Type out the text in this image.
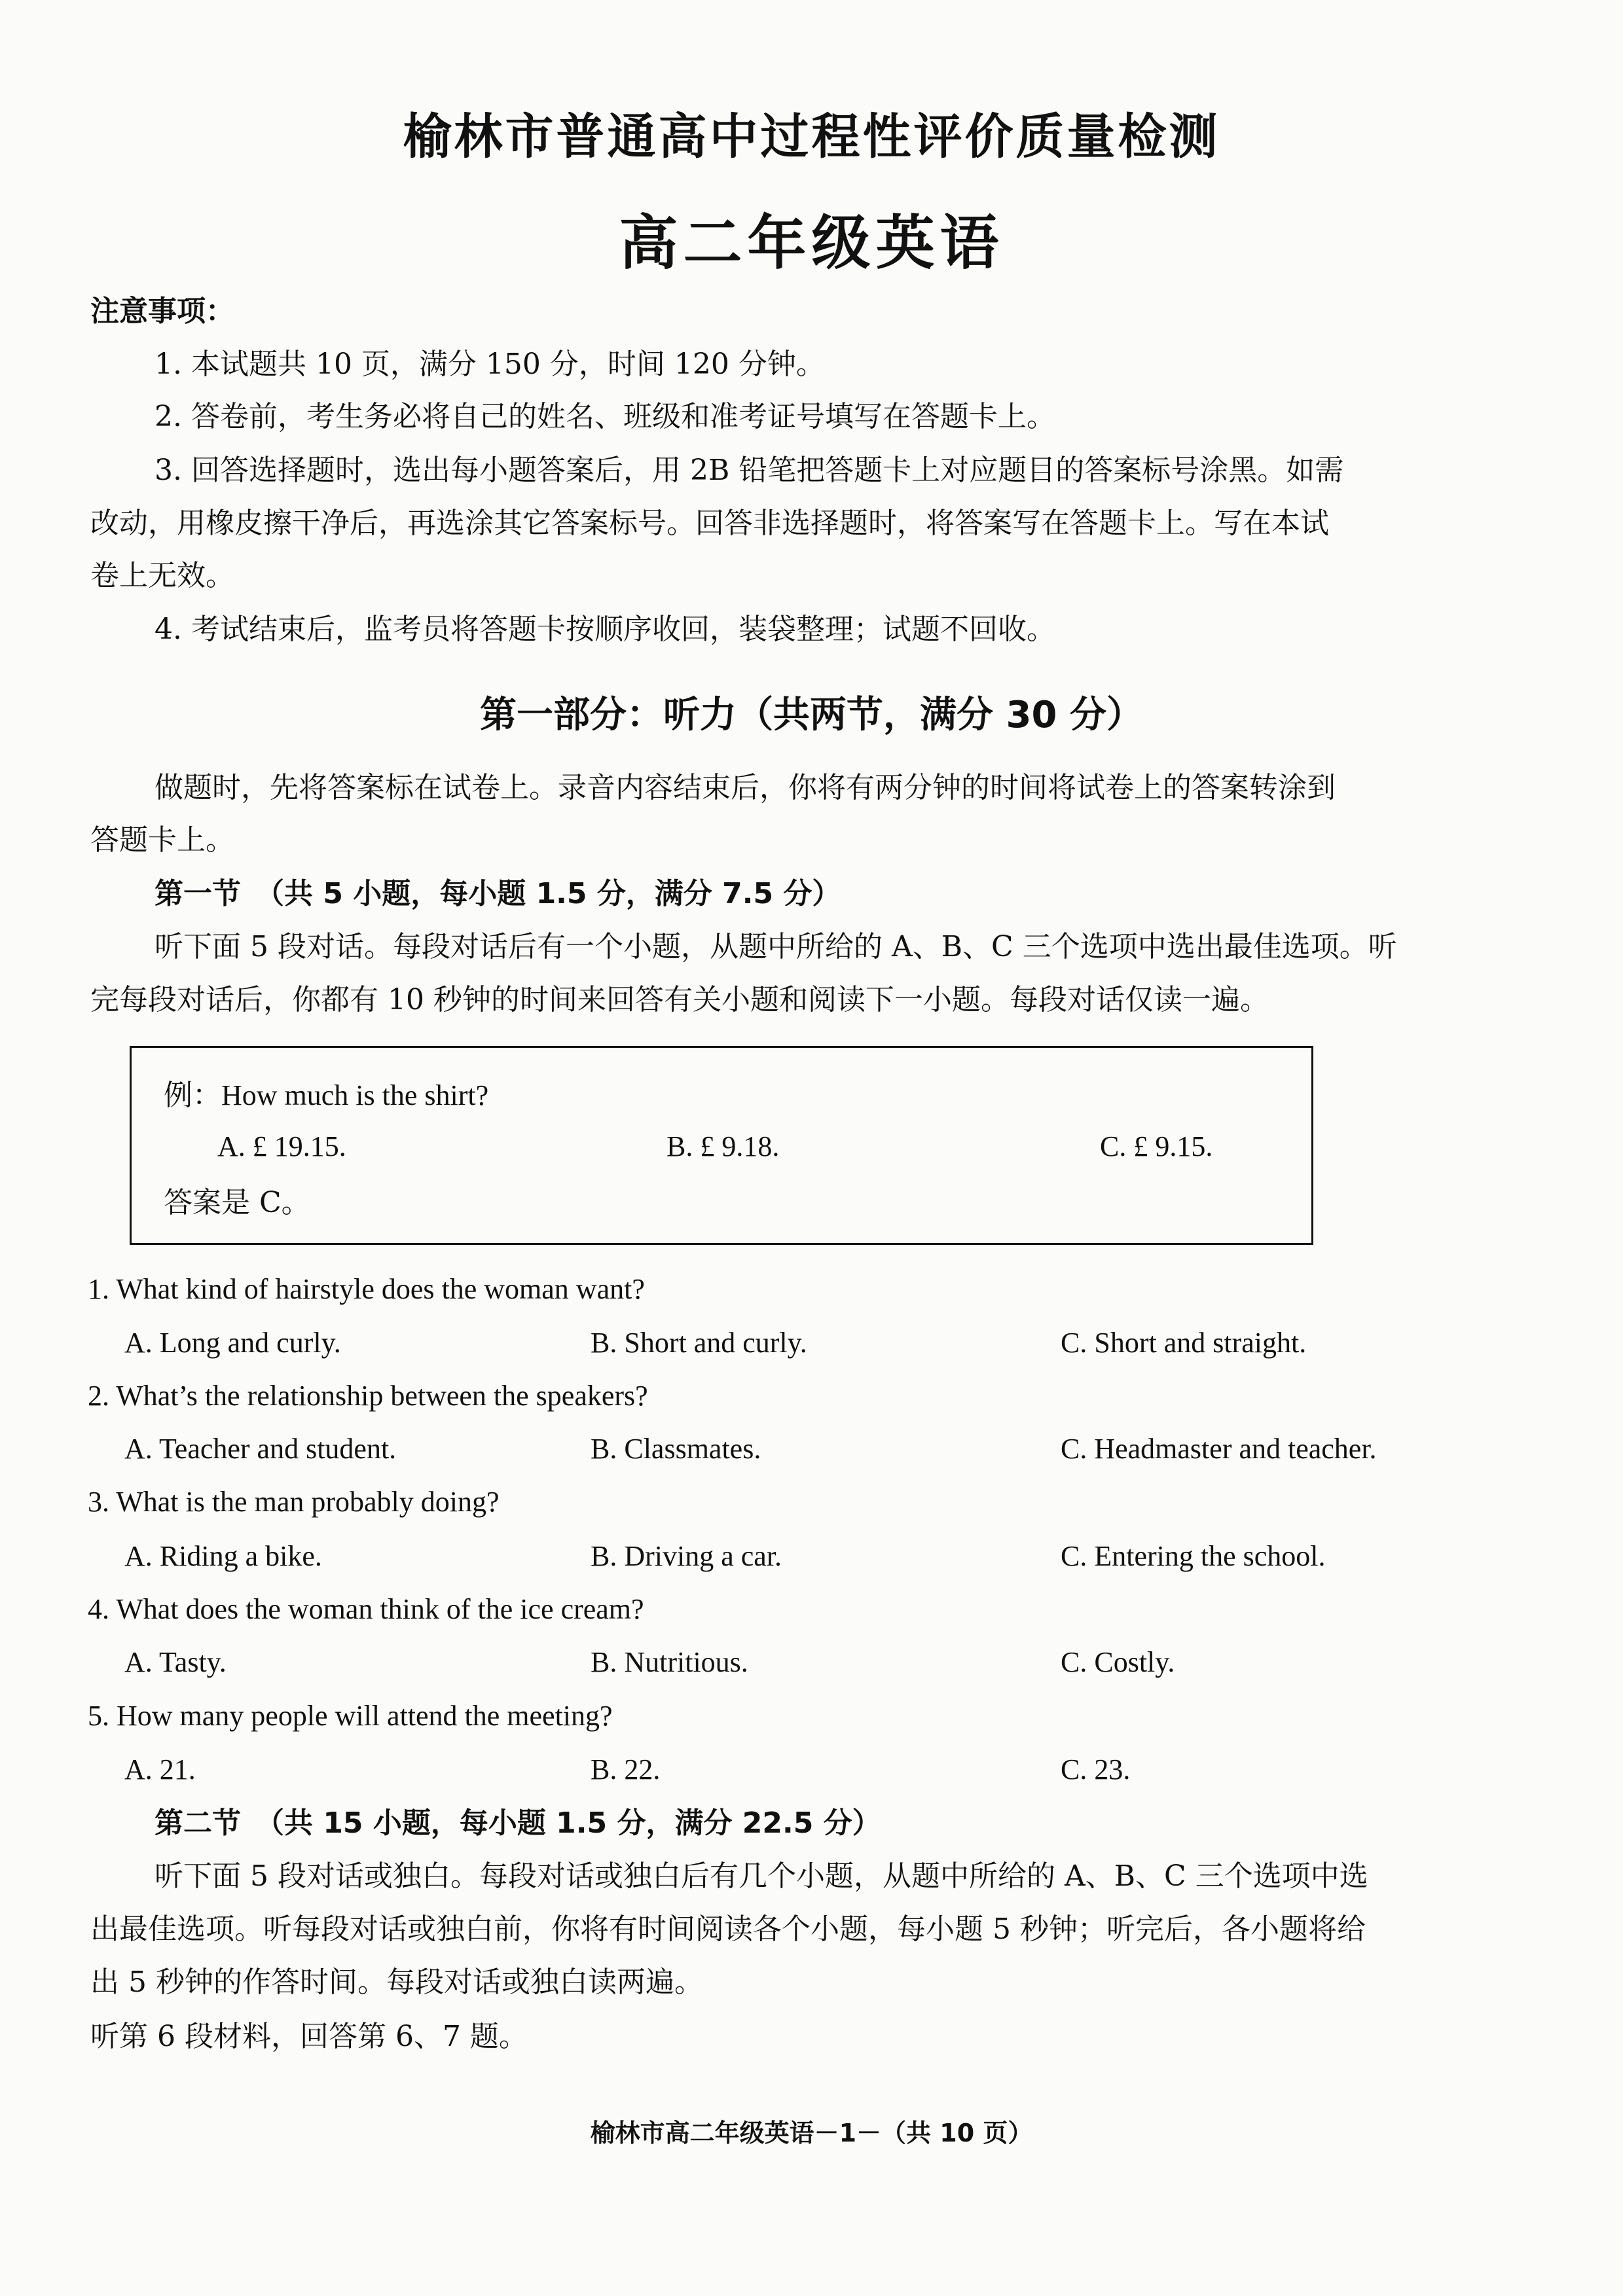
榆林市普通高中过程性评价质量检测
高二年级英语
注意事项：
1. 本试题共 10 页，满分 150 分，时间 120 分钟。
2. 答卷前，考生务必将自己的姓名、班级和准考证号填写在答题卡上。
3. 回答选择题时，选出每小题答案后，用 2B 铅笔把答题卡上对应题目的答案标号涂黑。如需
改动，用橡皮擦干净后，再选涂其它答案标号。回答非选择题时，将答案写在答题卡上。写在本试
卷上无效。
4. 考试结束后，监考员将答题卡按顺序收回，装袋整理；试题不回收。
第一部分：听力（共两节，满分 30 分）
做题时，先将答案标在试卷上。录音内容结束后，你将有两分钟的时间将试卷上的答案转涂到
答题卡上。
第一节　（共 5 小题，每小题 1.5 分，满分 7.5 分）
听下面 5 段对话。每段对话后有一个小题，从题中所给的 A、B、C 三个选项中选出最佳选项。听
完每段对话后，你都有 10 秒钟的时间来回答有关小题和阅读下一小题。每段对话仅读一遍。
例：How much is the shirt?
A. £ 19.15.	B. £ 9.18.	C. £ 9.15.
答案是 C。
1. What kind of hairstyle does the woman want?
A. Long and curly.	B. Short and curly.	C. Short and straight.
2. What’s the relationship between the speakers?
A. Teacher and student.	B. Classmates.	C. Headmaster and teacher.
3. What is the man probably doing?
A. Riding a bike.	B. Driving a car.	C. Entering the school.
4. What does the woman think of the ice cream?
A. Tasty.	B. Nutritious.	C. Costly.
5. How many people will attend the meeting?
A. 21.	B. 22.	C. 23.
第二节　（共 15 小题，每小题 1.5 分，满分 22.5 分）
听下面 5 段对话或独白。每段对话或独白后有几个小题，从题中所给的 A、B、C 三个选项中选
出最佳选项。听每段对话或独白前，你将有时间阅读各个小题，每小题 5 秒钟；听完后，各小题将给
出 5 秒钟的作答时间。每段对话或独白读两遍。
听第 6 段材料，回答第 6、7 题。
榆林市高二年级英语－1－（共 10 页）
